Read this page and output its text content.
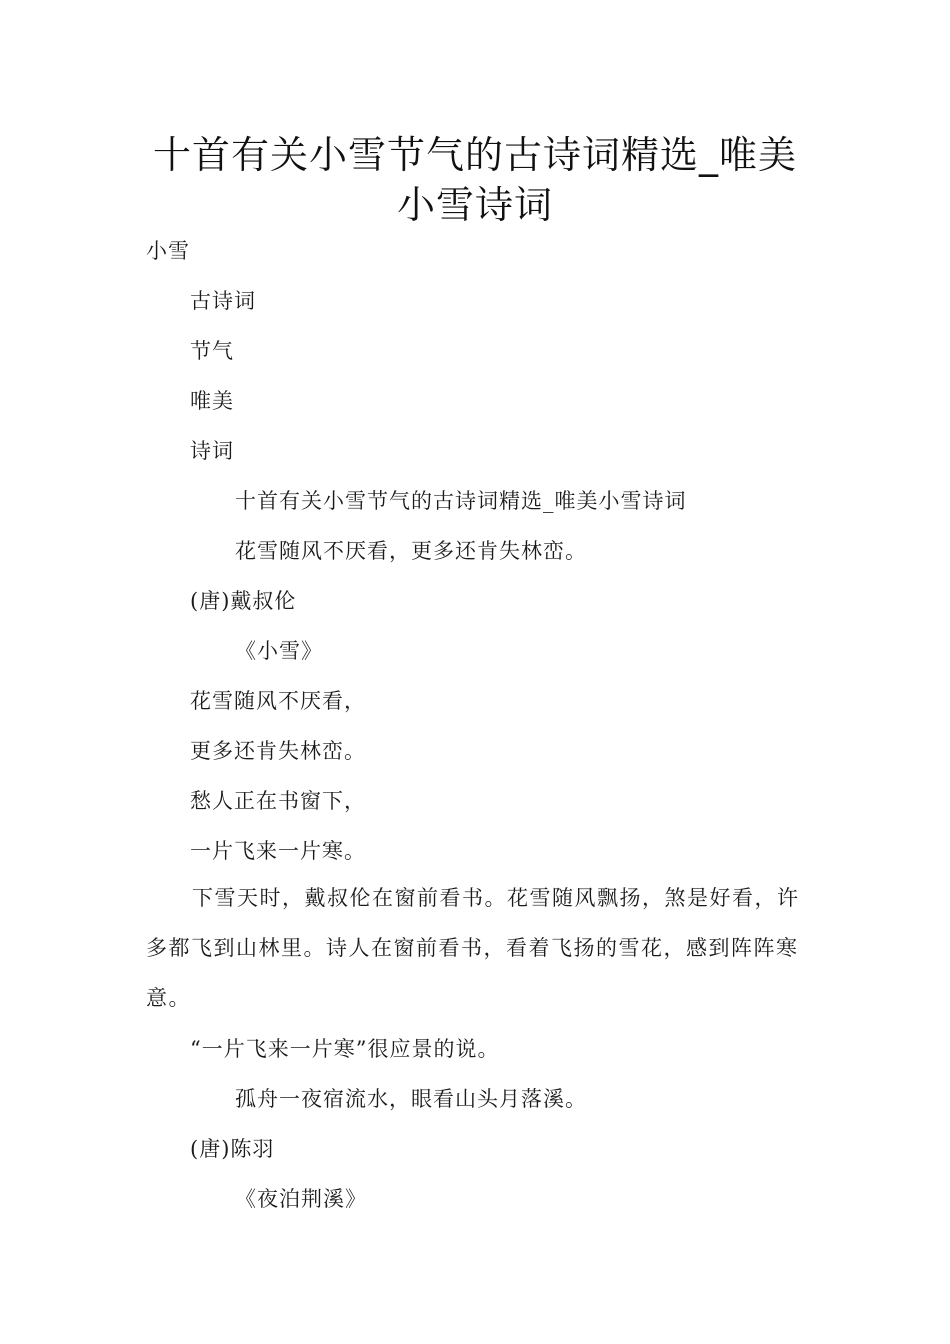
十首有关小雪节气的古诗词精选_唯美
小雪诗词
小雪
古诗词
节气
唯美
诗词
十首有关小雪节气的古诗词精选_唯美小雪诗词
花雪随风不厌看，更多还肯失林峦。
(唐)戴叔伦
《小雪》
花雪随风不厌看，
更多还肯失林峦。
愁人正在书窗下，
一片飞来一片寒。

下雪天时，戴叔伦在窗前看书。花雪随风飘扬，煞是好看，许多都飞到山林里。诗人在窗前看书，看着飞扬的雪花，感到阵阵寒意。

“一片飞来一片寒”很应景的说。
孤舟一夜宿流水，眼看山头月落溪。
(唐)陈羽
《夜泊荆溪》
